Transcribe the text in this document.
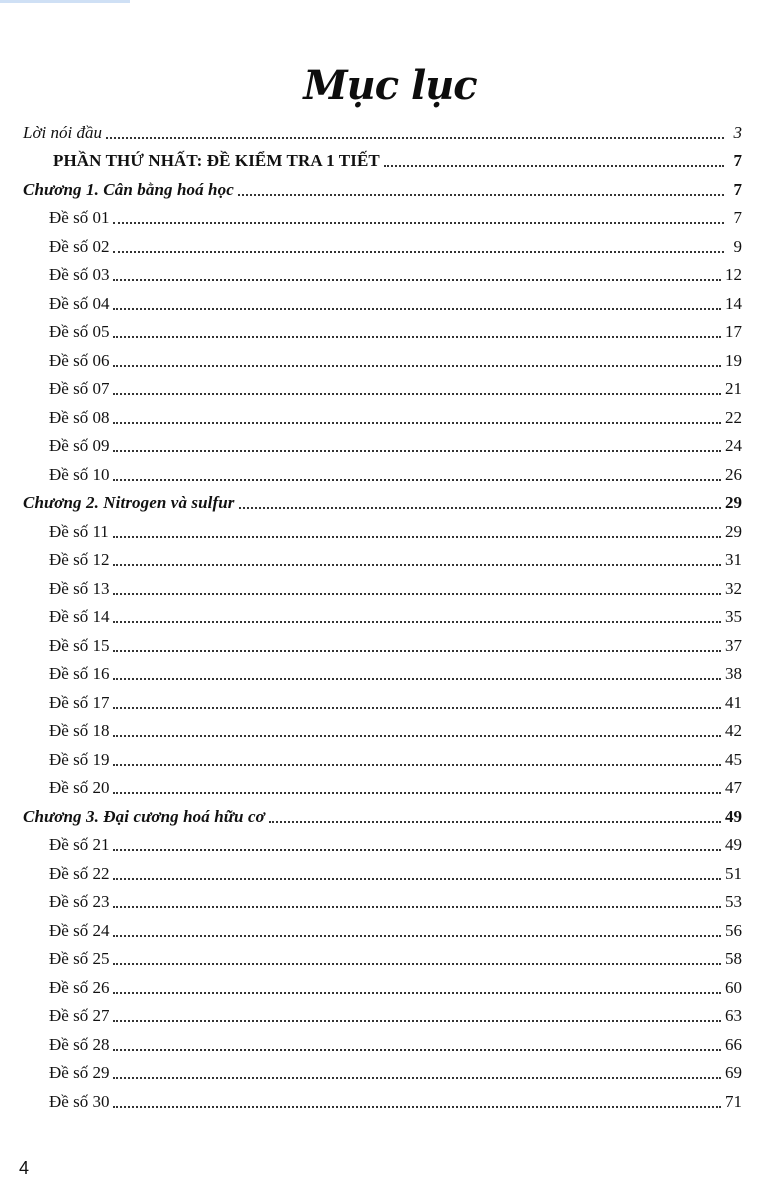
Mục lục
Lời nói đầu	3
PHẦN THỨ NHẤT: ĐỀ KIỂM TRA 1 TIẾT	7
Chương 1. Cân bằng hoá học	7
Đề số 01	7
Đề số 02	9
Đề số 03	12
Đề số 04	14
Đề số 05	17
Đề số 06	19
Đề số 07	21
Đề số 08	22
Đề số 09	24
Đề số 10	26
Chương 2. Nitrogen và sulfur	29
Đề số 11	29
Đề số 12	31
Đề số 13	32
Đề số 14	35
Đề số 15	37
Đề số 16	38
Đề số 17	41
Đề số 18	42
Đề số 19	45
Đề số 20	47
Chương 3. Đại cương hoá hữu cơ	49
Đề số 21	49
Đề số 22	51
Đề số 23	53
Đề số 24	56
Đề số 25	58
Đề số 26	60
Đề số 27	63
Đề số 28	66
Đề số 29	69
Đề số 30	71
4
